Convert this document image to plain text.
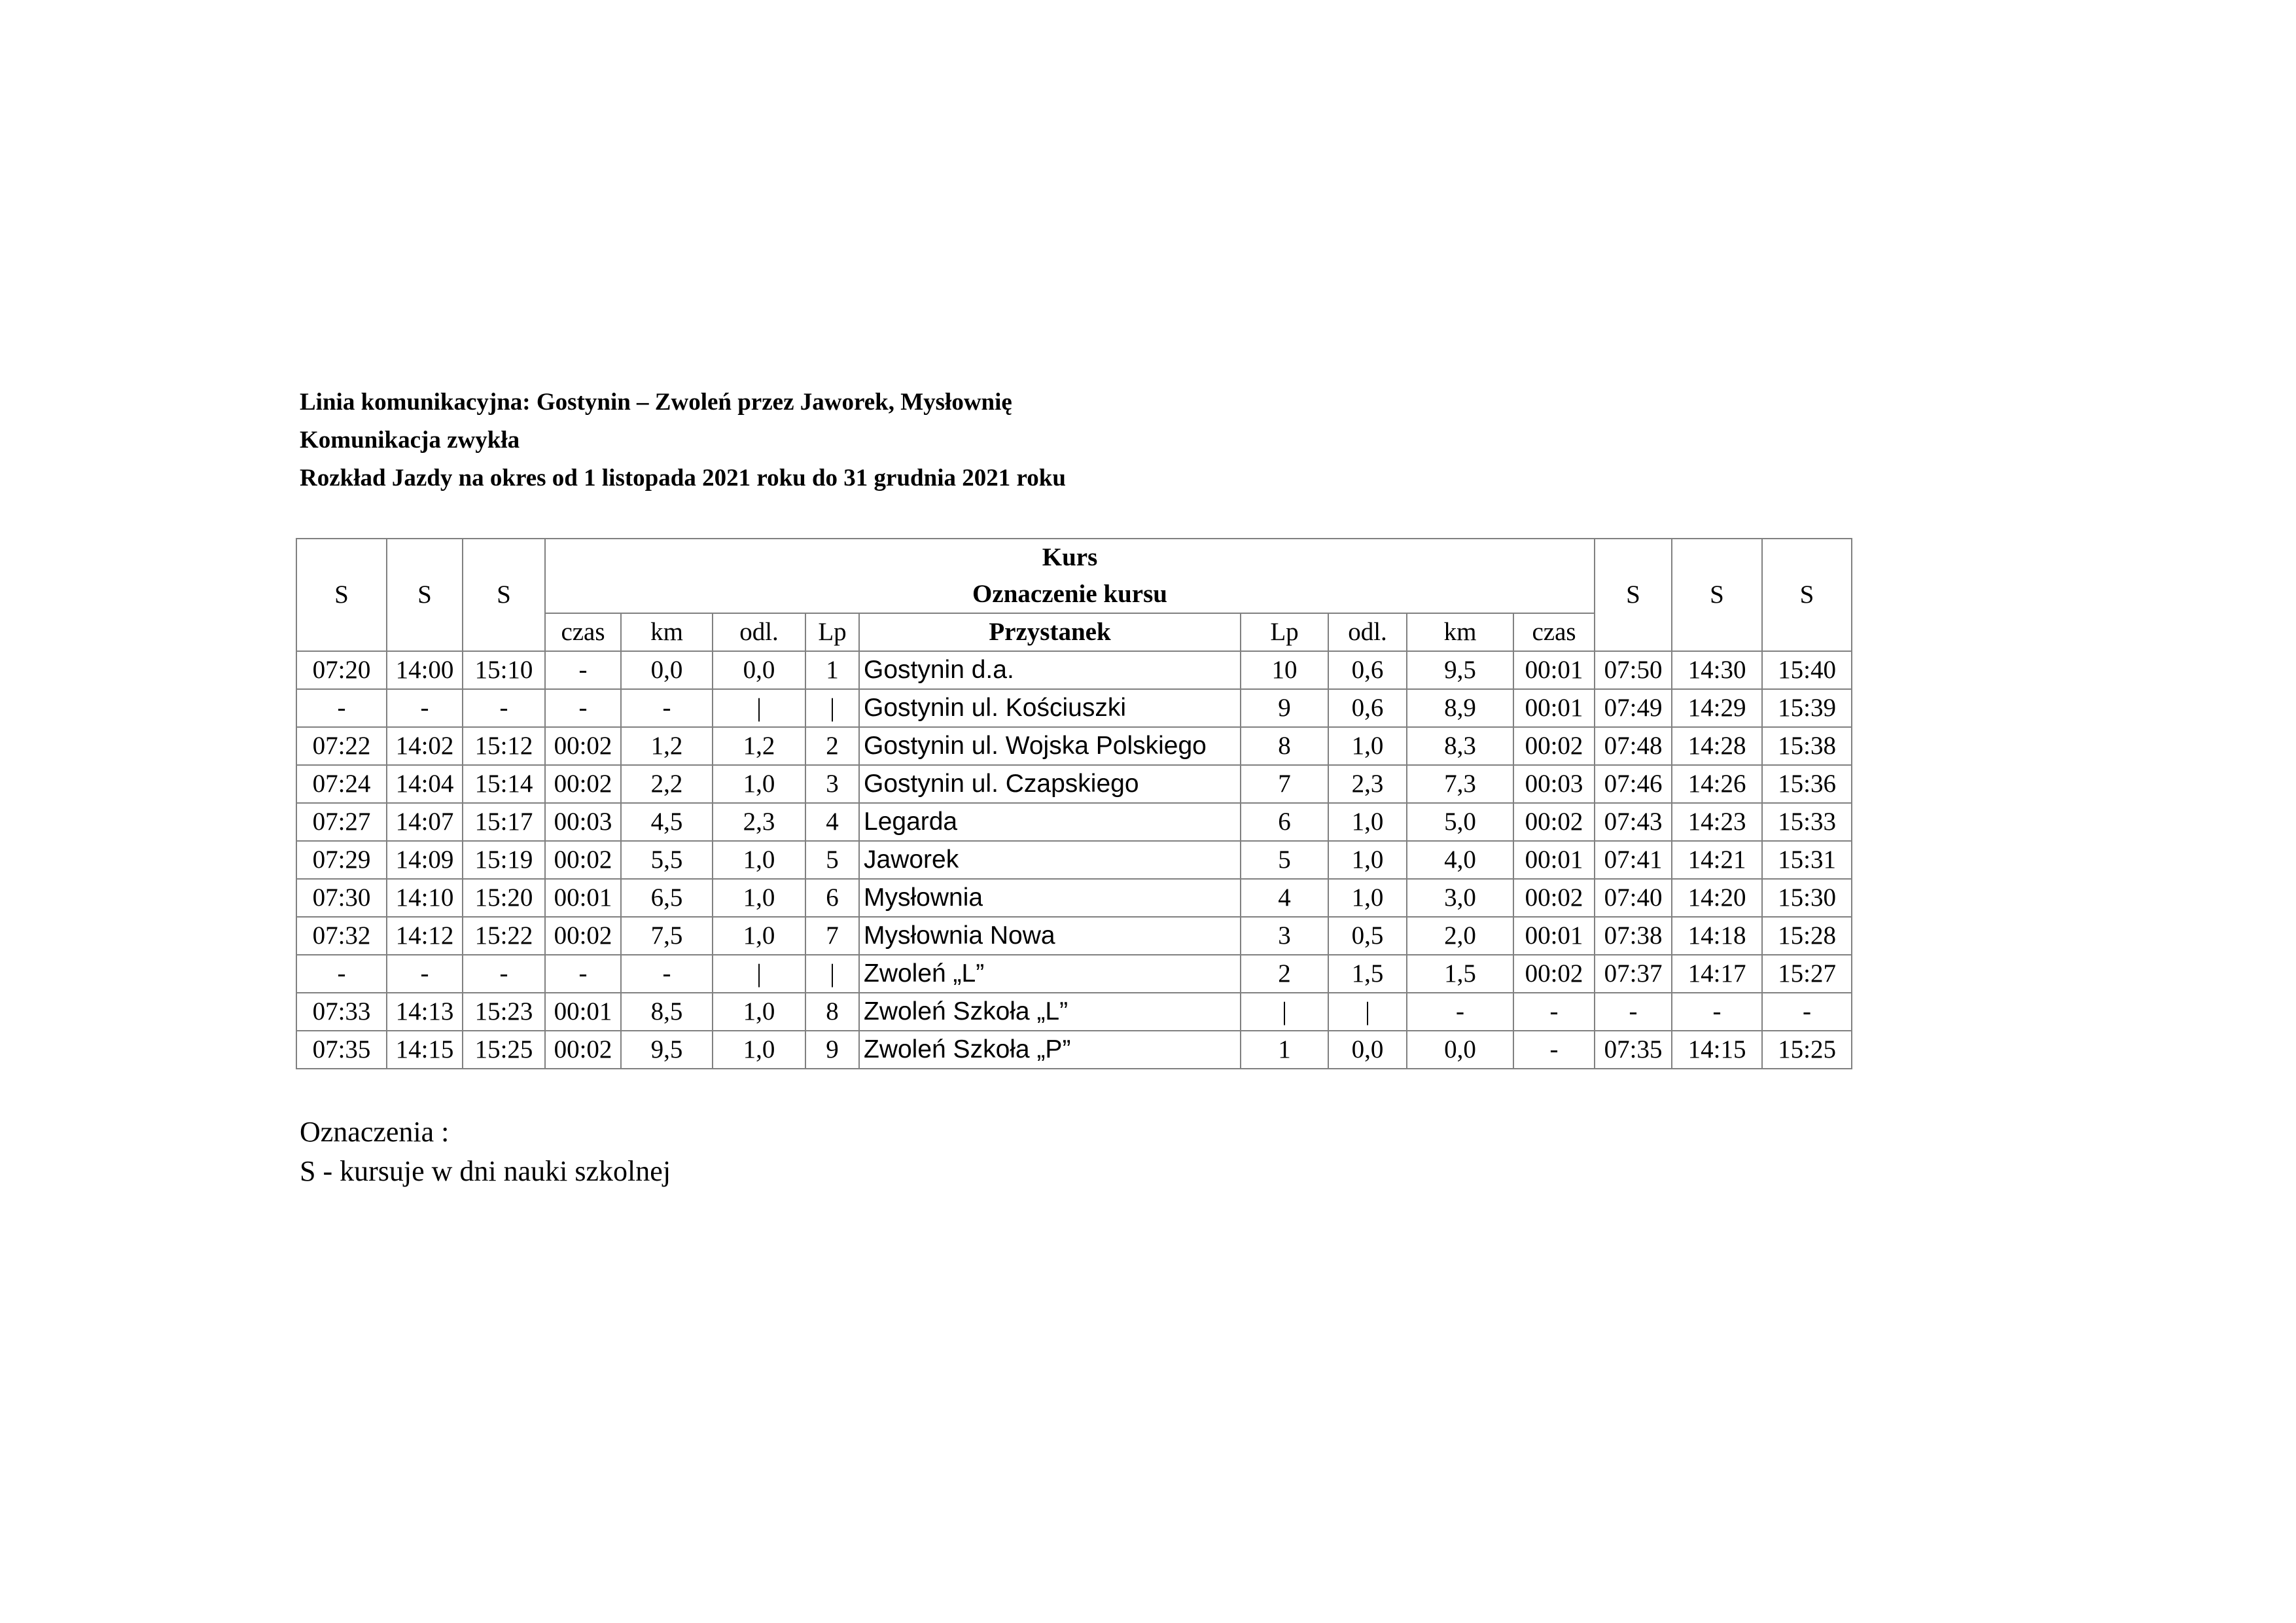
Linia komunikacyjna: Gostynin – Zwoleń przez Jaworek, Mysłownię
Komunikacja zwykła
Rozkład Jazdy na okres od 1 listopada 2021 roku do 31 grudnia 2021 roku
S	S	S	Kurs									S	S	S
			Oznaczenie kursu											
			czas	km	odl.	Lp	Przystanek	Lp	odl.	km	czas			
07:20	14:00	15:10	-	0,0	0,0	1	Gostynin d.a.	10	0,6	9,5	00:01	07:50	14:30	15:40
-	-	-	-	-	|	|	Gostynin ul. Kościuszki	9	0,6	8,9	00:01	07:49	14:29	15:39
07:22	14:02	15:12	00:02	1,2	1,2	2	Gostynin ul. Wojska Polskiego	8	1,0	8,3	00:02	07:48	14:28	15:38
07:24	14:04	15:14	00:02	2,2	1,0	3	Gostynin ul. Czapskiego	7	2,3	7,3	00:03	07:46	14:26	15:36
07:27	14:07	15:17	00:03	4,5	2,3	4	Legarda	6	1,0	5,0	00:02	07:43	14:23	15:33
07:29	14:09	15:19	00:02	5,5	1,0	5	Jaworek	5	1,0	4,0	00:01	07:41	14:21	15:31
07:30	14:10	15:20	00:01	6,5	1,0	6	Mysłownia	4	1,0	3,0	00:02	07:40	14:20	15:30
07:32	14:12	15:22	00:02	7,5	1,0	7	Mysłownia Nowa	3	0,5	2,0	00:01	07:38	14:18	15:28
-	-	-	-	-	|	|	Zwoleń „L”	2	1,5	1,5	00:02	07:37	14:17	15:27
07:33	14:13	15:23	00:01	8,5	1,0	8	Zwoleń Szkoła „L”	|	|	-	-	-	-	-
07:35	14:15	15:25	00:02	9,5	1,0	9	Zwoleń Szkoła „P”	1	0,0	0,0	-	07:35	14:15	15:25
Oznaczenia :
S - kursuje w dni nauki szkolnej
